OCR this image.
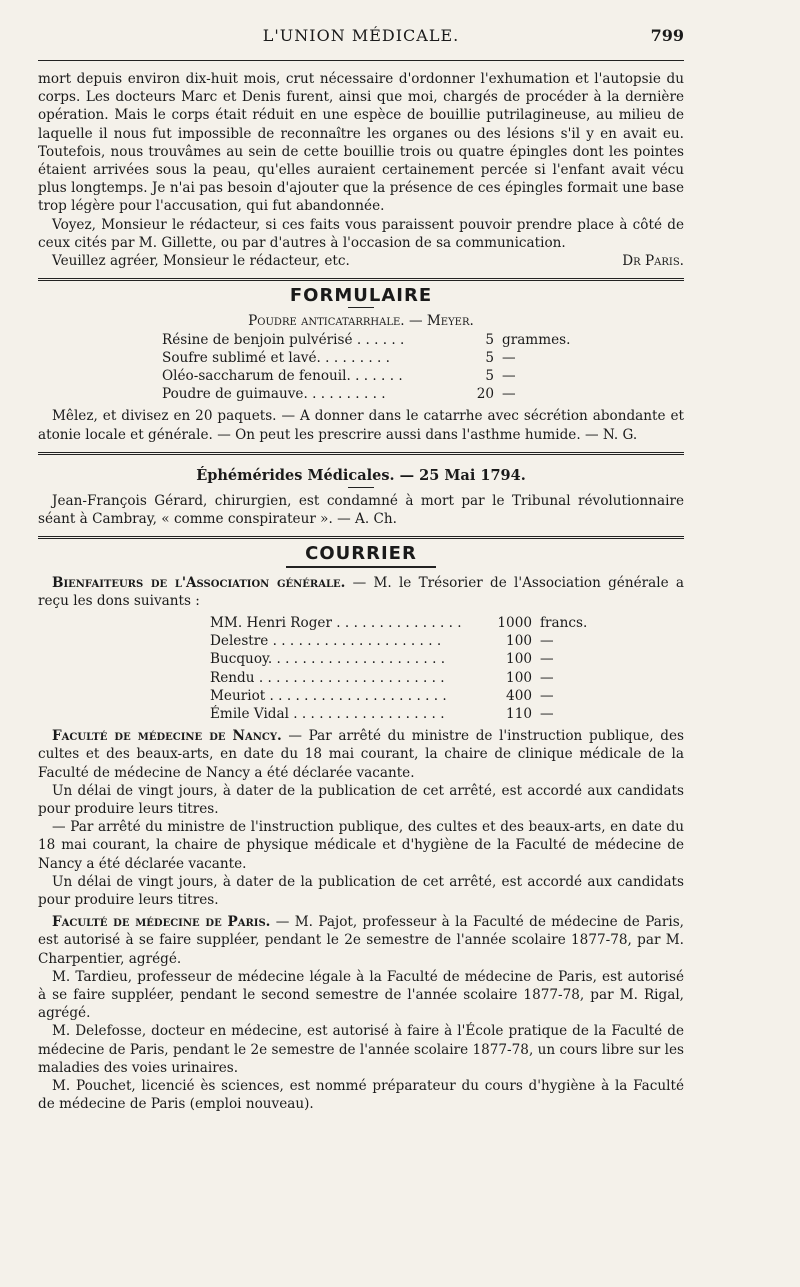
L'UNION MÉDICALE.	799

mort depuis environ dix-huit mois, crut nécessaire d'ordonner l'exhumation et l'autopsie du corps. Les docteurs Marc et Denis furent, ainsi que moi, chargés de procéder à la dernière opération. Mais le corps était réduit en une espèce de bouillie putrilagineuse, au milieu de laquelle il nous fut impossible de reconnaître les organes ou des lésions s'il y en avait eu. Toutefois, nous trouvâmes au sein de cette bouillie trois ou quatre épingles dont les pointes étaient arrivées sous la peau, qu'elles auraient certainement percée si l'enfant avait vécu plus longtemps. Je n'ai pas besoin d'ajouter que la présence de ces épingles formait une base trop légère pour l'accusation, qui fut abandonnée.

Voyez, Monsieur le rédacteur, si ces faits vous paraissent pouvoir prendre place à côté de ceux cités par M. Gillette, ou par d'autres à l'occasion de sa communication.

Veuillez agréer, Monsieur le rédacteur, etc.	Dr Paris.

FORMULAIRE
Poudre anticatarrhale. — Meyer.
Résine de benjoin pulvérisé . . . . . .	5 grammes.
Soufre sublimé et lavé. . . . . . . . .	5 —
Oléo-saccharum de fenouil. . . . . . .	5 —
Poudre de guimauve. . . . . . . . . .	20 —

Mêlez, et divisez en 20 paquets. — A donner dans le catarrhe avec sécrétion abondante et atonie locale et générale. — On peut les prescrire aussi dans l'asthme humide. — N. G.

Éphémérides Médicales. — 25 Mai 1794.

Jean-François Gérard, chirurgien, est condamné à mort par le Tribunal révolutionnaire séant à Cambray, « comme conspirateur ». — A. Ch.

COURRIER

Bienfaiteurs de l'Association générale. — M. le Trésorier de l'Association générale a reçu les dons suivants :

MM. Henri Roger . . . . . . . . . . . . . . .	1000 francs.
Delestre . . . . . . . . . . . . . . . . . . . .	100 —
Bucquoy. . . . . . . . . . . . . . . . . . . . .	100 —
Rendu . . . . . . . . . . . . . . . . . . . . . .	100 —
Meuriot . . . . . . . . . . . . . . . . . . . . .	400 —
Émile Vidal . . . . . . . . . . . . . . . . . .	110 —

Faculté de médecine de Nancy. — Par arrêté du ministre de l'instruction publique, des cultes et des beaux-arts, en date du 18 mai courant, la chaire de clinique médicale de la Faculté de médecine de Nancy a été déclarée vacante.

Un délai de vingt jours, à dater de la publication de cet arrêté, est accordé aux candidats pour produire leurs titres.

— Par arrêté du ministre de l'instruction publique, des cultes et des beaux-arts, en date du 18 mai courant, la chaire de physique médicale et d'hygiène de la Faculté de médecine de Nancy a été déclarée vacante.

Un délai de vingt jours, à dater de la publication de cet arrêté, est accordé aux candidats pour produire leurs titres.

Faculté de médecine de Paris. — M. Pajot, professeur à la Faculté de médecine de Paris, est autorisé à se faire suppléer, pendant le 2e semestre de l'année scolaire 1877-78, par M. Charpentier, agrégé.

M. Tardieu, professeur de médecine légale à la Faculté de médecine de Paris, est autorisé à se faire suppléer, pendant le second semestre de l'année scolaire 1877-78, par M. Rigal, agrégé.

M. Delefosse, docteur en médecine, est autorisé à faire à l'École pratique de la Faculté de médecine de Paris, pendant le 2e semestre de l'année scolaire 1877-78, un cours libre sur les maladies des voies urinaires.

M. Pouchet, licencié ès sciences, est nommé préparateur du cours d'hygiène à la Faculté de médecine de Paris (emploi nouveau).
